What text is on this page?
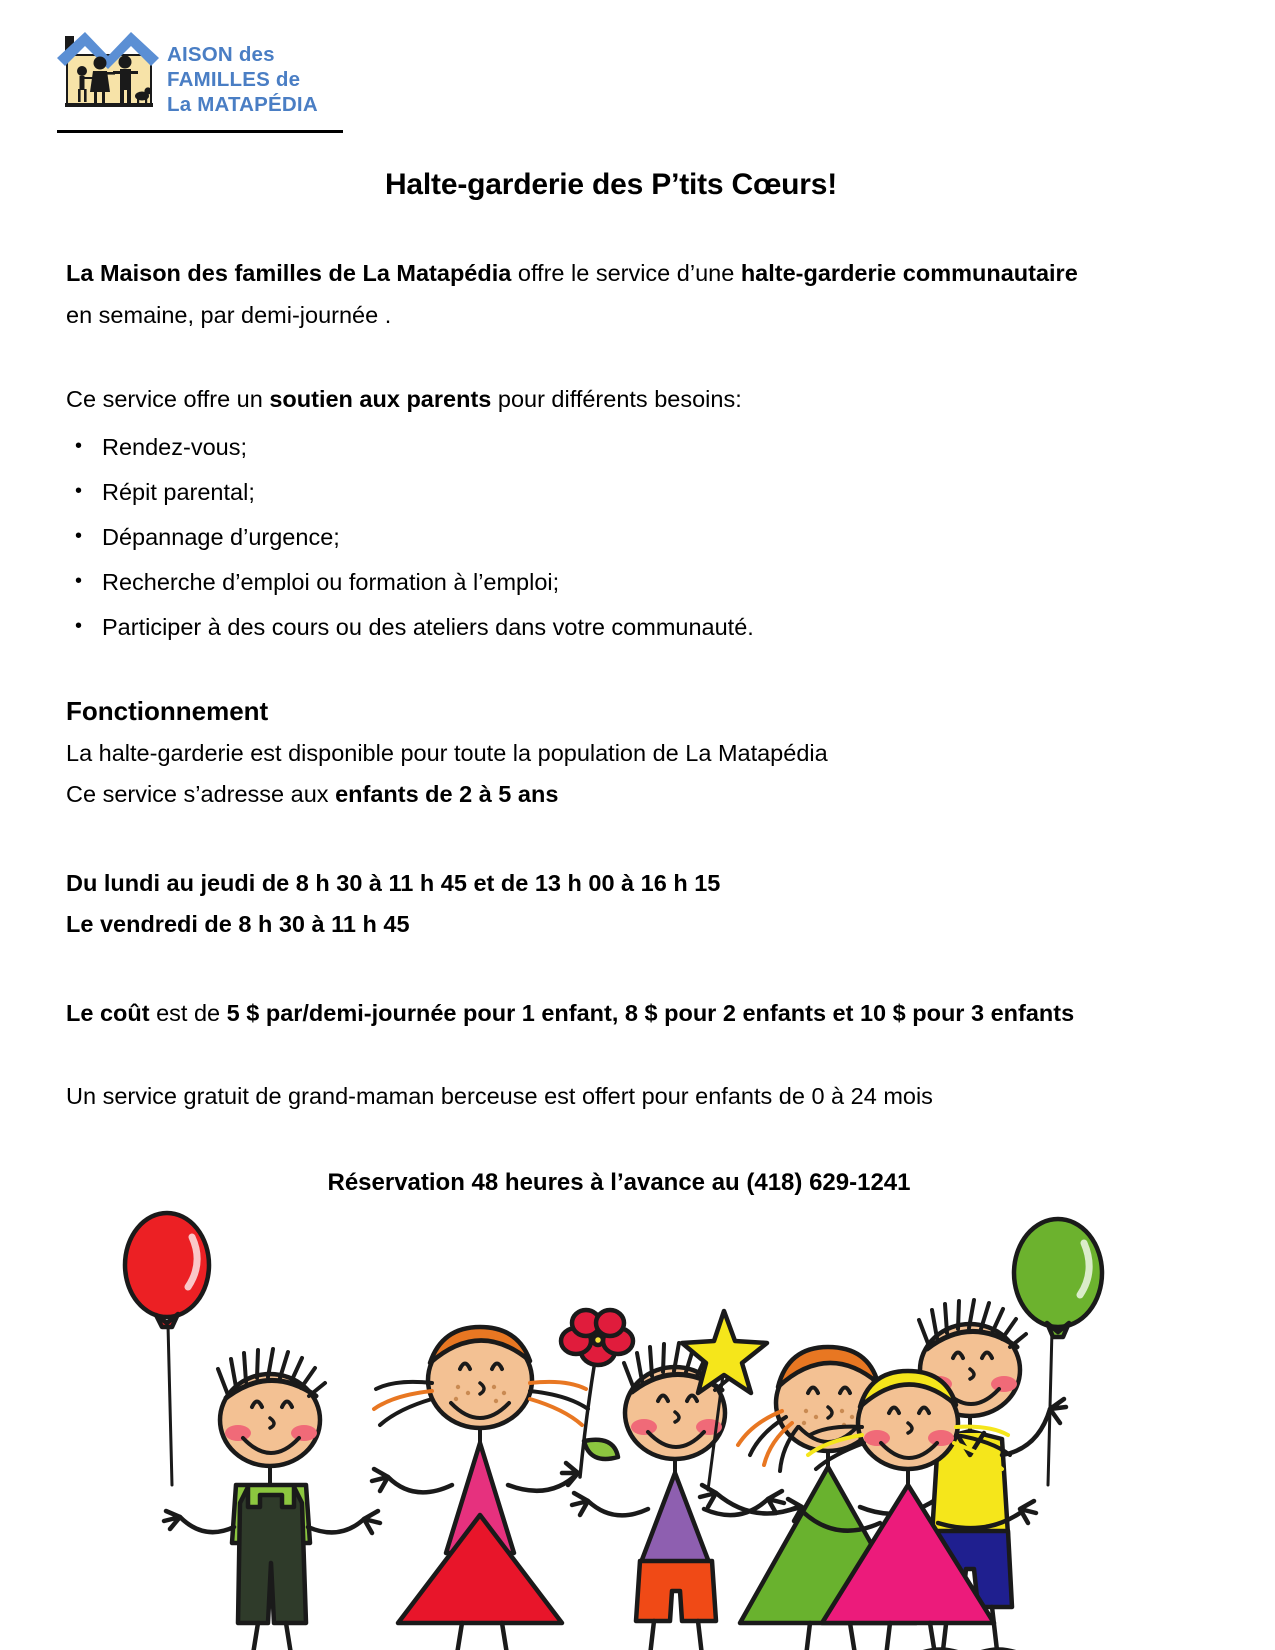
AISON des
FAMILLES de
La MATAPÉDIA
Halte-garderie des P’tits Cœurs!

La Maison des familles de La Matapédia offre le service d’une halte-garderie communautaire

en semaine, par demi-journée .

Ce service offre un soutien aux parents pour différents besoins:

• Rendez-vous;
• Répit parental;
• Dépannage d’urgence;
• Recherche d’emploi ou formation à l’emploi;
• Participer à des cours ou des ateliers dans votre communauté.
Fonctionnement

La halte-garderie est disponible pour toute la population de La Matapédia

Ce service s’adresse aux enfants de 2 à 5 ans

Du lundi au jeudi de 8 h 30 à 11 h 45 et de 13 h 00 à 16 h 15

Le vendredi de 8 h 30 à 11 h 45

Le coût est de 5 $ par/demi-journée pour 1 enfant, 8 $ pour 2 enfants et 10 $ pour 3 enfants

Un service gratuit de grand-maman berceuse est offert pour enfants de 0 à 24 mois

Réservation 48 heures à l’avance au (418) 629-1241
